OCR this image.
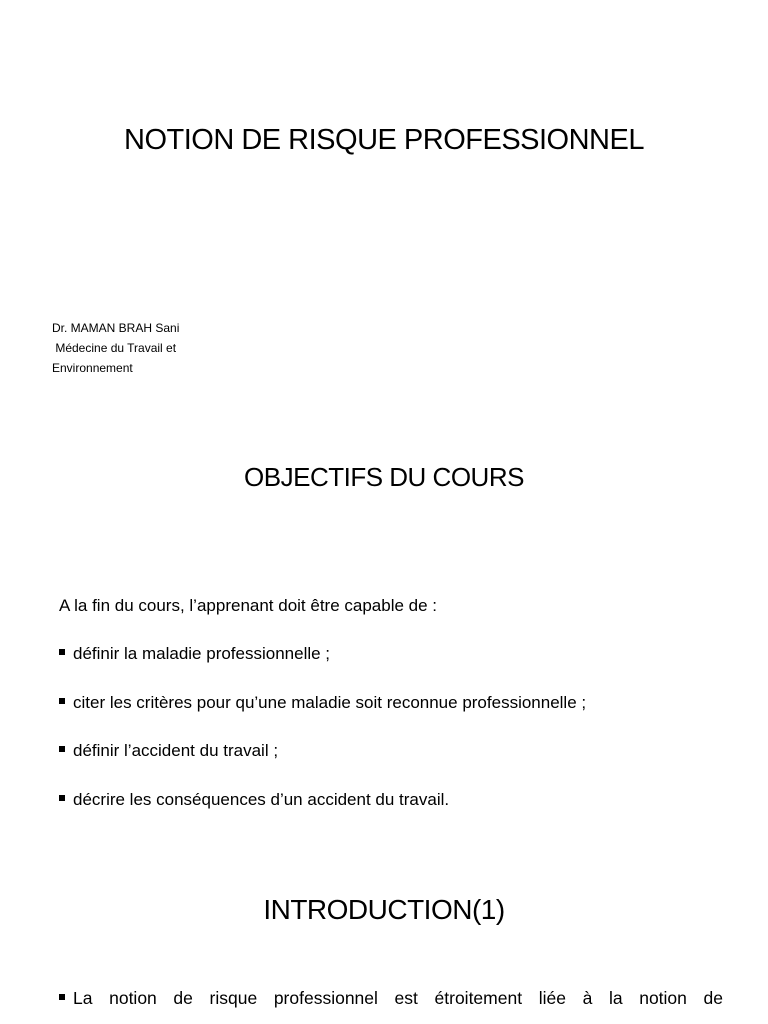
NOTION DE RISQUE PROFESSIONNEL
Dr. MAMAN BRAH Sani
Médecine du Travail et
Environnement
OBJECTIFS DU COURS
A la fin du cours, l’apprenant doit être capable de :
définir la maladie professionnelle ;
citer les critères pour qu’une maladie soit reconnue professionnelle ;
définir l’accident du travail ;
décrire les conséquences d’un accident du travail.
INTRODUCTION(1)
La notion de risque professionnel est étroitement liée à la notion de
